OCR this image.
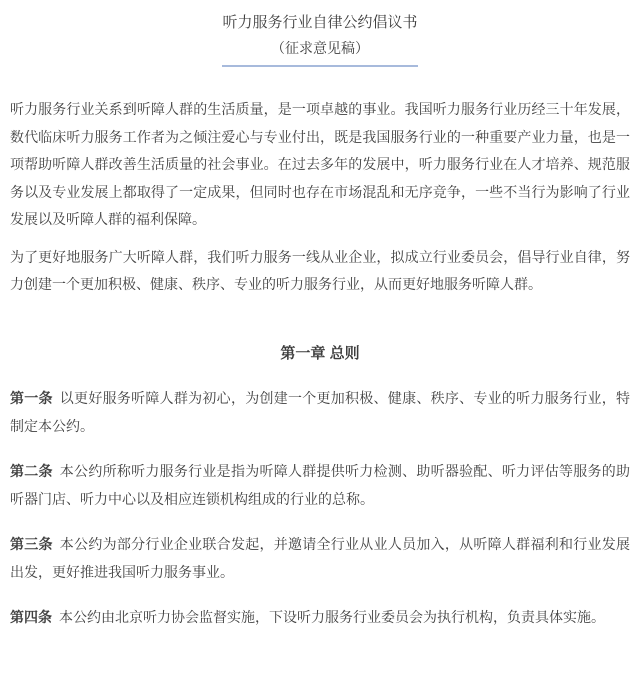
听力服务行业自律公约倡议书
（征求意见稿）

听力服务行业关系到听障人群的生活质量，是一项卓越的事业。我国听力服务行业历经三十年发展，数代临床听力服务工作者为之倾注爱心与专业付出，既是我国服务行业的一种重要产业力量，也是一项帮助听障人群改善生活质量的社会事业。在过去多年的发展中，听力服务行业在人才培养、规范服务以及专业发展上都取得了一定成果，但同时也存在市场混乱和无序竞争，一些不当行为影响了行业发展以及听障人群的福利保障。

为了更好地服务广大听障人群，我们听力服务一线从业企业，拟成立行业委员会，倡导行业自律，努力创建一个更加积极、健康、秩序、专业的听力服务行业，从而更好地服务听障人群。

第一章 总则

第一条 以更好服务听障人群为初心，为创建一个更加积极、健康、秩序、专业的听力服务行业，特制定本公约。

第二条 本公约所称听力服务行业是指为听障人群提供听力检测、助听器验配、听力评估等服务的助听器门店、听力中心以及相应连锁机构组成的行业的总称。

第三条 本公约为部分行业企业联合发起，并邀请全行业从业人员加入，从听障人群福利和行业发展出发，更好推进我国听力服务事业。

第四条 本公约由北京听力协会监督实施，下设听力服务行业委员会为执行机构，负责具体实施。
